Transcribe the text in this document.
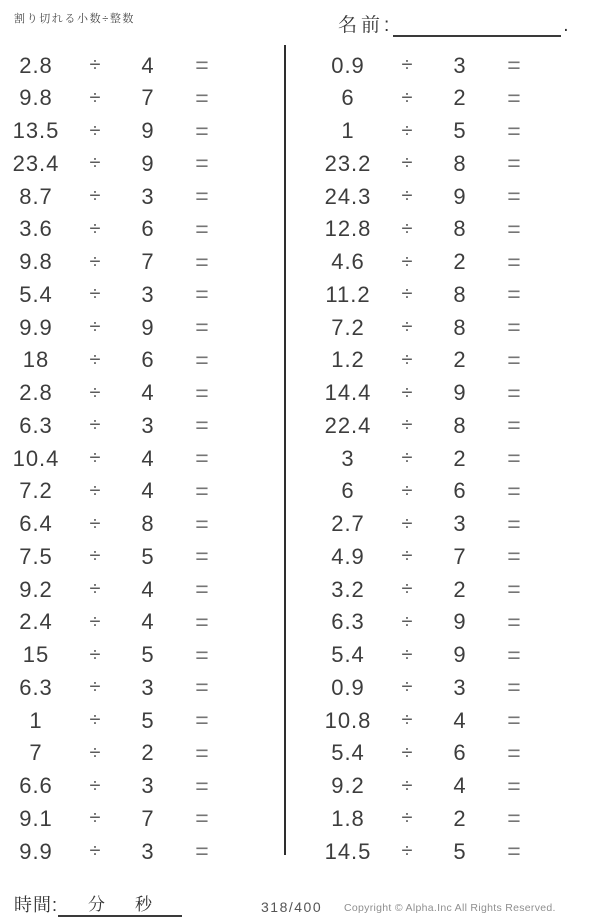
割り切れる小数÷整数	名前:	.
2.8	÷	4	=
9.8	÷	7	=
13.5	÷	9	=
23.4	÷	9	=
8.7	÷	3	=
3.6	÷	6	=
9.8	÷	7	=
5.4	÷	3	=
9.9	÷	9	=
18	÷	6	=
2.8	÷	4	=
6.3	÷	3	=
10.4	÷	4	=
7.2	÷	4	=
6.4	÷	8	=
7.5	÷	5	=
9.2	÷	4	=
2.4	÷	4	=
15	÷	5	=
6.3	÷	3	=
1	÷	5	=
7	÷	2	=
6.6	÷	3	=
9.1	÷	7	=
9.9	÷	3	=
0.9	÷	3	=
6	÷	2	=
1	÷	5	=
23.2	÷	8	=
24.3	÷	9	=
12.8	÷	8	=
4.6	÷	2	=
11.2	÷	8	=
7.2	÷	8	=
1.2	÷	2	=
14.4	÷	9	=
22.4	÷	8	=
3	÷	2	=
6	÷	6	=
2.7	÷	3	=
4.9	÷	7	=
3.2	÷	2	=
6.3	÷	9	=
5.4	÷	9	=
0.9	÷	3	=
10.8	÷	4	=
5.4	÷	6	=
9.2	÷	4	=
1.8	÷	2	=
14.5	÷	5	=
時間: 分 秒	318/400 Copyright © Alpha.Inc All Rights Reserved.
